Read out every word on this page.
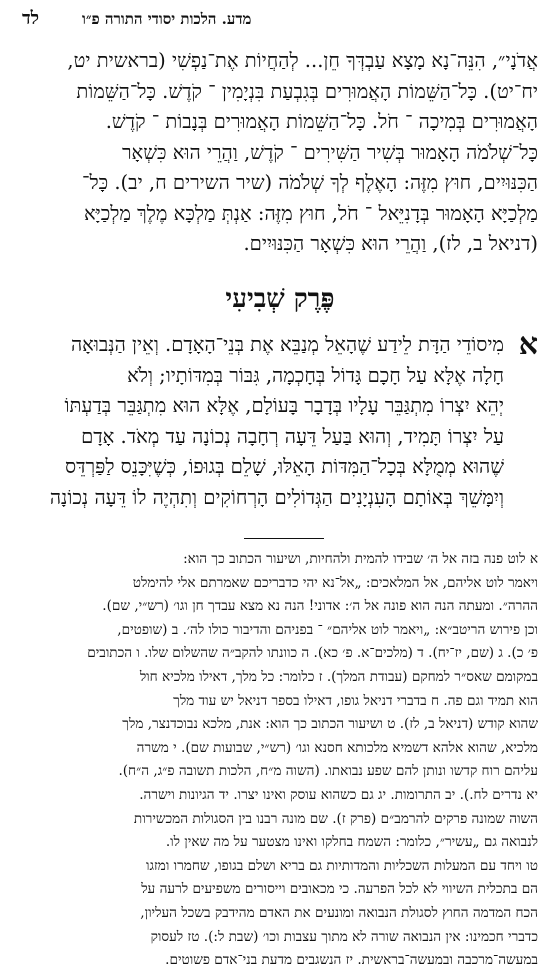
לד	מדע. הלכות יסודי התורה פ״ו
אֲדֹנָי״, הִנֵּה־נָא מָצָא עַבְדְּךָ חֵן... לְהַחֲיוֹת אֶת־נַפְשִׁי (בראשית יט,
יח־יט). כָּל־הַשֵּׁמוֹת הָאֲמוּרִים בְּגִבְעַת בִּנְיָמִין ־ קֹדֶשׁ. כָּל־הַשֵּׁמוֹת
הָאֲמוּרִים בְּמִיכָה ־ חֹל. כָּל־הַשֵּׁמוֹת הָאֲמוּרִים בְּנָבוֹת ־ קֹדֶשׁ.
כָּל־שְׁלֹמֹה הָאָמוּר בְּשִׁיר הַשִּׁירִים ־ קֹדֶשׁ, וַהֲרֵי הוּא כִּשְׁאָר
הַכִּנּוּיִים, חוּץ מִזֶּה: הָאֶלֶף לְךָ שְׁלֹמֹה (שיר השירים ח, יב). כָּל־
מַלְכַיָּא הָאָמוּר בְּדָנִיֵּאל ־ חֹל, חוּץ מִזֶּה: אַנְתְּ מַלְכָּא מֶלֶךְ מַלְכַיָּא
(דניאל ב, לז), וַהֲרֵי הוּא כִּשְׁאָר הַכִּנּוּיִים.
פֶּרֶק שְׁבִיעִי
א
מִיסוֹדֵי הַדָּת לֵידַע שֶׁהָאֵל מְנַבֵּא אֶת בְּנֵי־הָאָדָם. וְאֵין הַנְּבוּאָה
חָלָה אֶלָּא עַל חָכָם גָּדוֹל בְּחָכְמָה, גִּבּוֹר בְּמִדּוֹתָיו; וְלֹא
יְהֵא יִצְרוֹ מִתְגַּבֵּר עָלָיו בְּדָבָר בָּעוֹלָם, אֶלָּא הוּא מִתְגַּבֵּר בְּדַעְתּוֹ
עַל יִצְרוֹ תָּמִיד, וְהוּא בַּעַל דֵּעָה רְחָבָה נְכוֹנָה עַד מְאֹד. אָדָם
שֶׁהוּא מְמֻלָּא בְּכָל־הַמִּדּוֹת הָאֵלּוּ, שָׁלֵם בְּגוּפוֹ, כְּשֶׁיִּכָּנֵס לַפַּרְדֵּס
וְיִמָּשֵׁךְ בְּאוֹתָם הָעִנְיָנִים הַגְּדוֹלִים הָרְחוֹקִים וְתִהְיֶה לוֹ דֵּעָה נְכוֹנָה
א לוט פנה בזה אל ה׳ שבידו להמית ולהחיות, ושיעור הכתוב כך הוא:
ויאמר לוט אליהם, אל המלאכים: „אל־נא יהי כדבריכם שאמרתם אלי להימלט
ההרה״. ומעתה הנה הוא פונה אל ה׳: אדוני! הנה נא מצא עבדך חן וגו׳ (רש״י, שם).
וכן פירוש הריטב״א: „ויאמר לוט אליהם״ ־ בפניהם והדיבור כולו לה׳. ב (שופטים,
פ׳ כ). ג (שם, יז־יח). ד (מלכים־א. פ׳ כא). ה כוונתו להקב״ה שהשלום שלו. ו הכתובים
במקומם שאס״ר למחקם (עבודת המלך). ז כלומר: כל מלך, דאילו מלכיא חול
הוא תמיד וגם פה. ח בדברי דניאל גופו, דאילו בספר דניאל יש עוד מלך
שהוא קודש (דניאל ב, לז). ט ושיעור הכתוב כך הוא: אנת, מלכא נבוכדנצר, מלך
מלכיא, שהוא אלהא דשמיא מלכותא חסנא וגו׳ (רש״י, שבועות שם). י משרה
עליהם רוח קדשו ונותן להם שפע נבואתו. (השוה מ״ח, הלכות תשובה פ״ג, ה״ח).
יא נדרים לח.). יב התרומות. יג גם כשהוא עוסק ואינו יצרו. יד הגיונות וישרה.
השוה שמונה פרקים להרמב״ם (פרק ז). שם מונה רבנו בין הסגולות המכשירות
לנבואה גם „עשיר״, כלומר: השמח בחלקו ואינו מצטער על מה שאין לו.
טו ויחד עם המעלות השכליות והמדותיות גם בריא ושלם בגופו, שחמרו ומזגו
הם בתכלית השיווי לא לכל הפרעה. כי מכאובים וייסורים משפיעים לרעה על
הכח המדמה החוץ לסגולת הנבואה ומונעים את האדם מהידבק בשכל העליון,
כדברי חכמינו: אין הנבואה שורה לא מתוך עצבות וכו׳ (שבת ל:). טז לעסוק
במעשה־מרכבה ובמעשה־בראשית. יז הנשגבים מדעת בני־אדם פשוטים.
